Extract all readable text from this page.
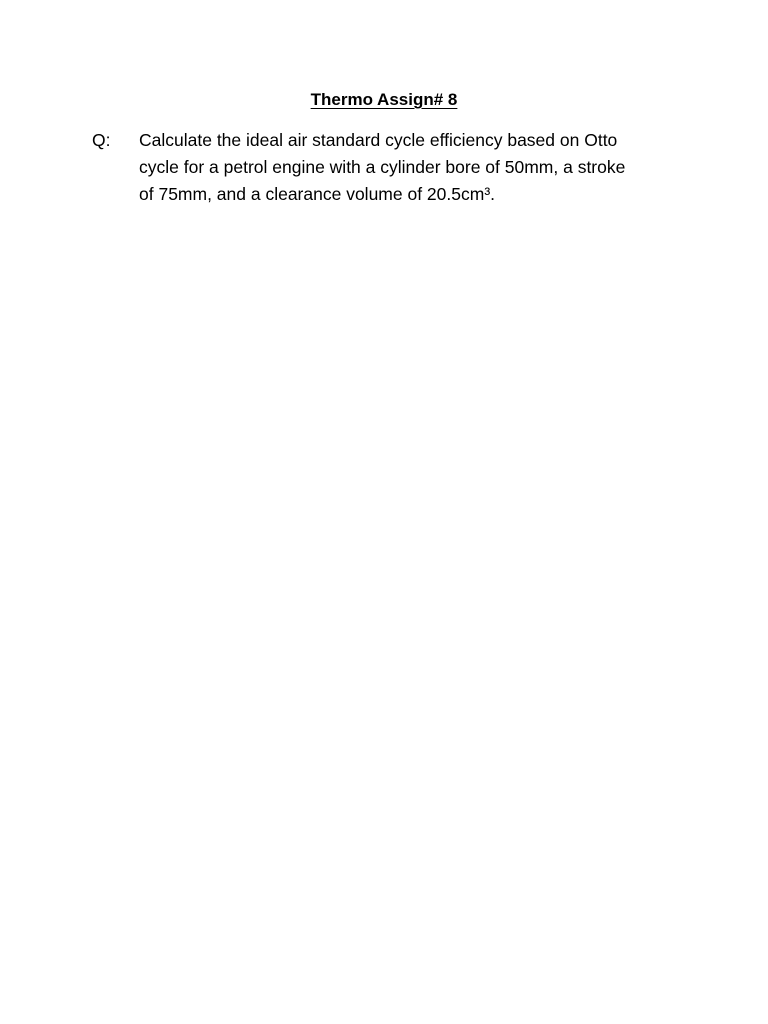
Thermo Assign# 8
Q:	Calculate the ideal air standard cycle efficiency based on Otto
cycle for a petrol engine with a cylinder bore of 50mm, a stroke
of 75mm, and a clearance volume of 20.5cm³.
